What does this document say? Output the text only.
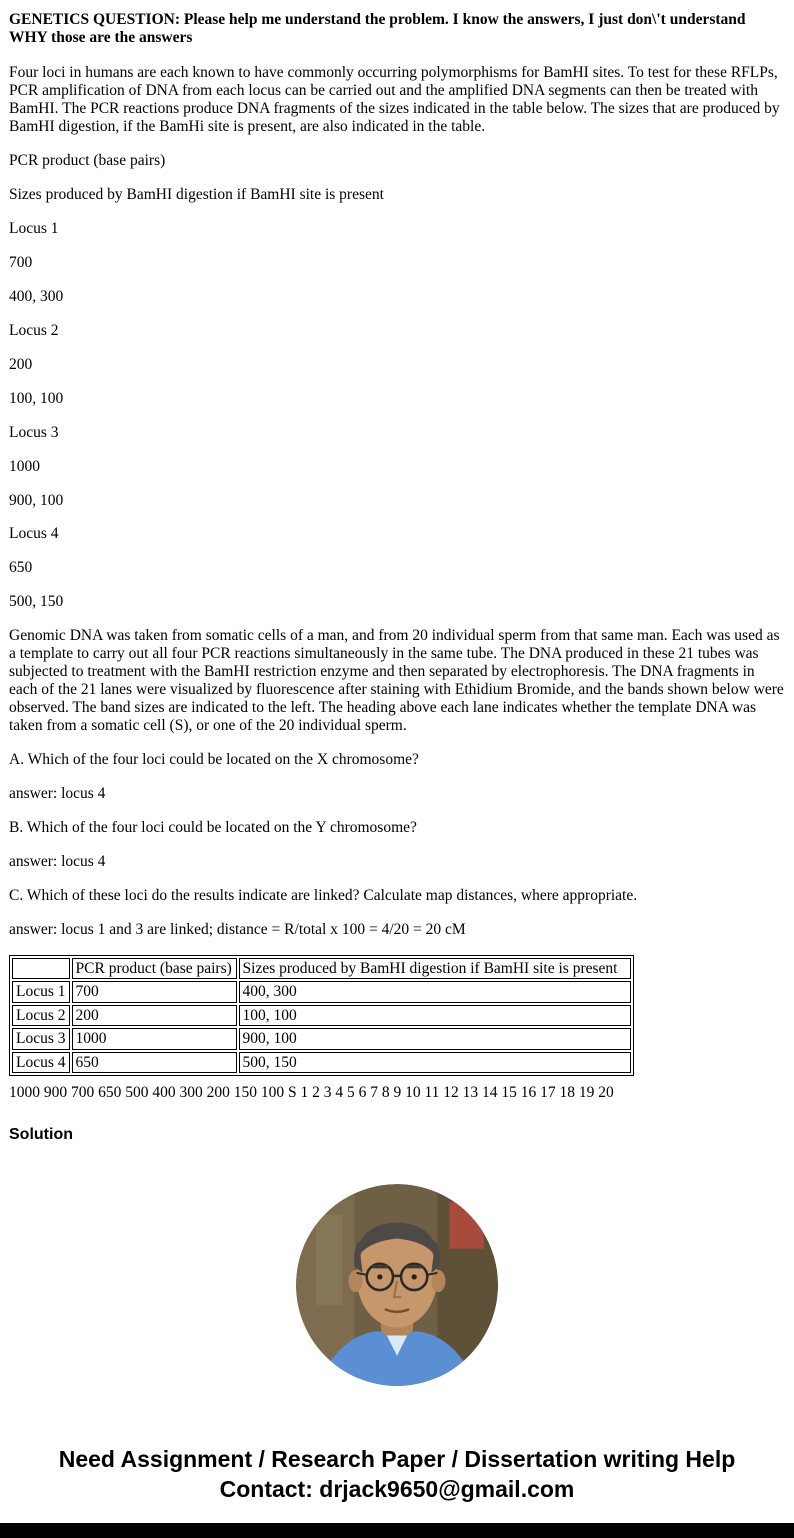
GENETICS QUESTION: Please help me understand the problem. I know the answers, I just don\'t understand WHY those are the answers

Four loci in humans are each known to have commonly occurring polymorphisms for BamHI sites. To test for these RFLPs, PCR amplification of DNA from each locus can be carried out and the amplified DNA segments can then be treated with BamHI. The PCR reactions produce DNA fragments of the sizes indicated in the table below. The sizes that are produced by BamHI digestion, if the BamHi site is present, are also indicated in the table.

PCR product (base pairs)

Sizes produced by BamHI digestion if BamHI site is present

Locus 1

700

400, 300

Locus 2

200

100, 100

Locus 3

1000

900, 100

Locus 4

650

500, 150

Genomic DNA was taken from somatic cells of a man, and from 20 individual sperm from that same man. Each was used as a template to carry out all four PCR reactions simultaneously in the same tube. The DNA produced in these 21 tubes was subjected to treatment with the BamHI restriction enzyme and then separated by electrophoresis. The DNA fragments in each of the 21 lanes were visualized by fluorescence after staining with Ethidium Bromide, and the bands shown below were observed. The band sizes are indicated to the left. The heading above each lane indicates whether the template DNA was taken from a somatic cell (S), or one of the 20 individual sperm.

A. Which of the four loci could be located on the X chromosome?

answer: locus 4

B. Which of the four loci could be located on the Y chromosome?

answer: locus 4

C. Which of these loci do the results indicate are linked? Calculate map distances, where appropriate.

answer: locus 1 and 3 are linked; distance = R/total x 100 = 4/20 = 20 cM

	PCR product (base pairs)	Sizes produced by BamHI digestion if BamHI site is present
Locus 1	700	400, 300
Locus 2	200	100, 100
Locus 3	1000	900, 100
Locus 4	650	500, 150

1000 900 700 650 500 400 300 200 150 100 S 1 2 3 4 5 6 7 8 9 10 11 12 13 14 15 16 17 18 19 20

Solution
Need Assignment / Research Paper / Dissertation writing Help
Contact: drjack9650@gmail.com
